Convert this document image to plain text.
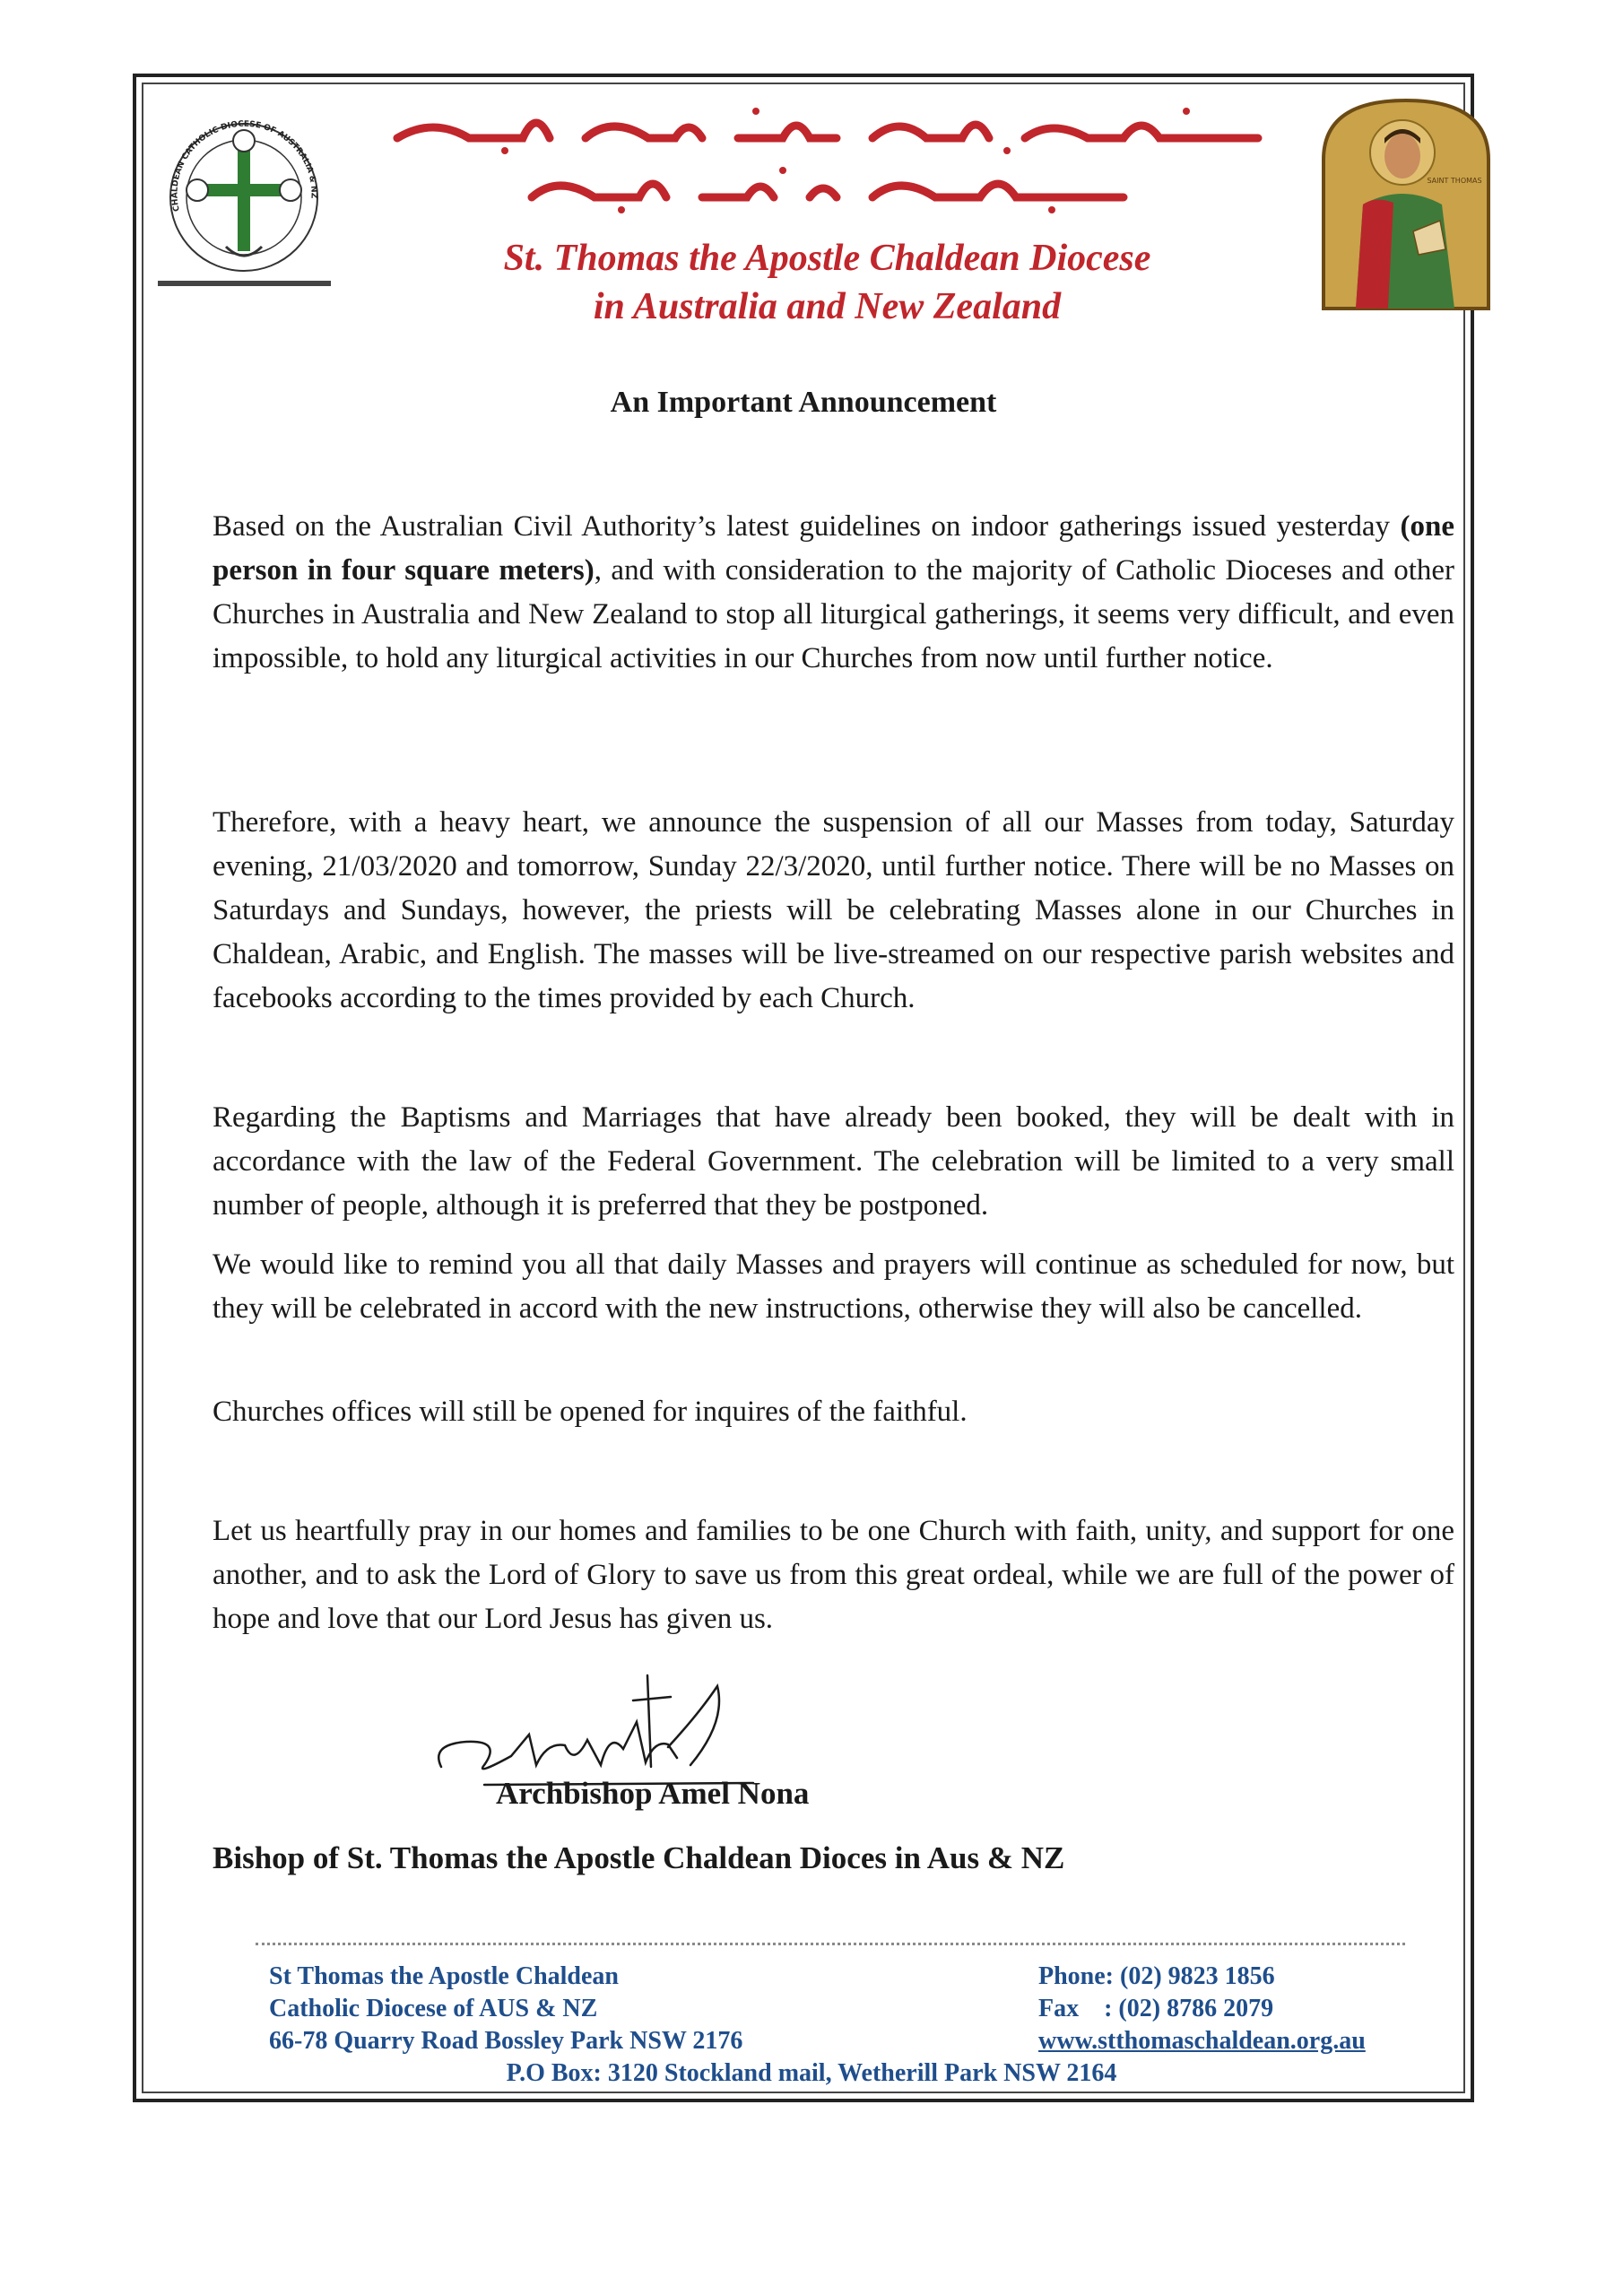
CHALDEAN CATHOLIC DIOCESE OF AUSTRALIA & NZ
ܥܕܬܐ ܟܠܕܝܬܐ ܩܬܘܠܝܩܝܬܐ ܕܡܪܝ ܬܐܘܡܐ ܫܠܝܚܐ
ܒܐܘܣܛܪܠܝܐ ܘܢܝܘ ܙܝܠܢܕ
St. Thomas the Apostle Chaldean Diocese
in Australia and New Zealand
SAINT THOMAS
An Important Announcement
Based on the Australian Civil Authority’s latest guidelines on indoor gatherings issued yesterday (one person in four square meters), and with consideration to the majority of Catholic Dioceses and other Churches in Australia and New Zealand to stop all liturgical gatherings, it seems very difficult, and even impossible, to hold any liturgical activities in our Churches from now until further notice.
Therefore, with a heavy heart, we announce the suspension of all our Masses from today, Saturday evening, 21/03/2020 and tomorrow, Sunday 22/3/2020, until further notice. There will be no Masses on Saturdays and Sundays, however, the priests will be celebrating Masses alone in our Churches in Chaldean, Arabic, and English. The masses will be live-streamed on our respective parish websites and facebooks according to the times provided by each Church.
Regarding the Baptisms and Marriages that have already been booked, they will be dealt with in accordance with the law of the Federal Government. The celebration will be limited to a very small number of people, although it is preferred that they be postponed.
We would like to remind you all that daily Masses and prayers will continue as scheduled for now, but they will be celebrated in accord with the new instructions, otherwise they will also be cancelled.
Churches offices will still be opened for inquires of the faithful.
Let us heartfully pray in our homes and families to be one Church with faith, unity, and support for one another, and to ask the Lord of Glory to save us from this great ordeal, while we are full of the power of hope and love that our Lord Jesus has given us.
Archbishop Amel Nona
Bishop of St. Thomas the Apostle Chaldean Dioces in Aus & NZ
St Thomas the Apostle Chaldean
Catholic Diocese of AUS & NZ
66-78 Quarry Road Bossley Park NSW 2176
Phone: (02) 9823 1856
Fax    : (02) 8786 2079
www.stthomaschaldean.org.au
P.O Box: 3120 Stockland mail, Wetherill Park NSW 2164
